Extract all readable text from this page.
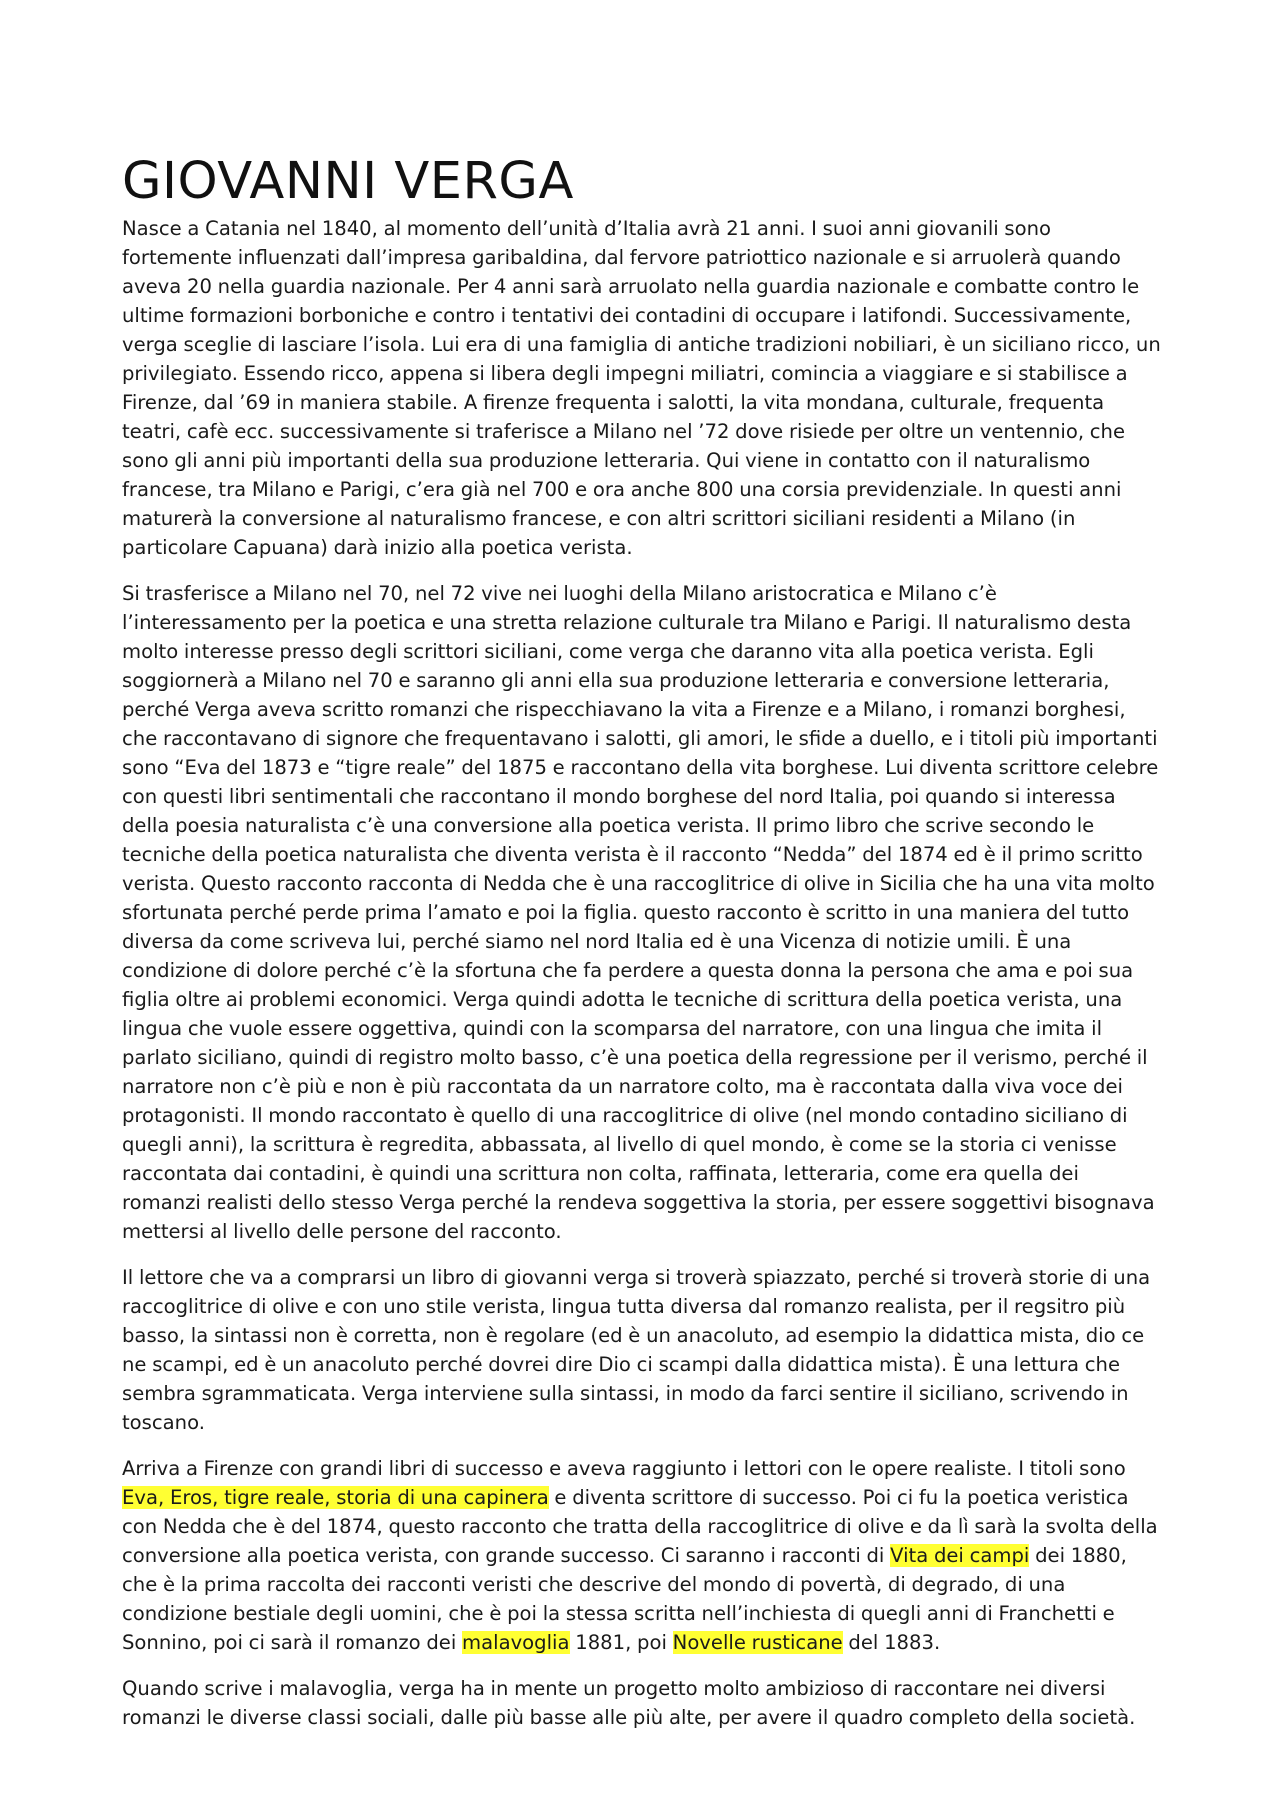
GIOVANNI VERGA

Nasce a Catania nel 1840, al momento dell’unità d’Italia avrà 21 anni. I suoi anni giovanili sono fortemente influenzati dall’impresa garibaldina, dal fervore patriottico nazionale e si arruolerà quando aveva 20 nella guardia nazionale. Per 4 anni sarà arruolato nella guardia nazionale e combatte contro le ultime formazioni borboniche e contro i tentativi dei contadini di occupare i latifondi. Successivamente, verga sceglie di lasciare l’isola. Lui era di una famiglia di antiche tradizioni nobiliari, è un siciliano ricco, un privilegiato. Essendo ricco, appena si libera degli impegni miliatri, comincia a viaggiare e si stabilisce a Firenze, dal ’69 in maniera stabile. A firenze frequenta i salotti, la vita mondana, culturale, frequenta teatri, cafè ecc. successivamente si traferisce a Milano nel ’72 dove risiede per oltre un ventennio, che sono gli anni più importanti della sua produzione letteraria. Qui viene in contatto con il naturalismo francese, tra Milano e Parigi, c’era già nel 700 e ora anche 800 una corsia previdenziale. In questi anni maturerà la conversione al naturalismo francese, e con altri scrittori siciliani residenti a Milano (in particolare Capuana) darà inizio alla poetica verista.

Si trasferisce a Milano nel 70, nel 72 vive nei luoghi della Milano aristocratica e Milano c’è l’interessamento per la poetica e una stretta relazione culturale tra Milano e Parigi. Il naturalismo desta molto interesse presso degli scrittori siciliani, come verga che daranno vita alla poetica verista. Egli soggiornerà a Milano nel 70 e saranno gli anni ella sua produzione letteraria e conversione letteraria, perché Verga aveva scritto romanzi che rispecchiavano la vita a Firenze e a Milano, i romanzi borghesi, che raccontavano di signore che frequentavano i salotti, gli amori, le sfide a duello, e i titoli più importanti sono “Eva del 1873 e “tigre reale” del 1875 e raccontano della vita borghese. Lui diventa scrittore celebre con questi libri sentimentali che raccontano il mondo borghese del nord Italia, poi quando si interessa della poesia naturalista c’è una conversione alla poetica verista. Il primo libro che scrive secondo le tecniche della poetica naturalista che diventa verista è il racconto “Nedda” del 1874 ed è il primo scritto verista. Questo racconto racconta di Nedda che è una raccoglitrice di olive in Sicilia che ha una vita molto sfortunata perché perde prima l’amato e poi la figlia. questo racconto è scritto in una maniera del tutto diversa da come scriveva lui, perché siamo nel nord Italia ed è una Vicenza di notizie umili. È una condizione di dolore perché c’è la sfortuna che fa perdere a questa donna la persona che ama e poi sua figlia oltre ai problemi economici. Verga quindi adotta le tecniche di scrittura della poetica verista, una lingua che vuole essere oggettiva, quindi con la scomparsa del narratore, con una lingua che imita il parlato siciliano, quindi di registro molto basso, c’è una poetica della regressione per il verismo, perché il narratore non c’è più e non è più raccontata da un narratore colto, ma è raccontata dalla viva voce dei protagonisti. Il mondo raccontato è quello di una raccoglitrice di olive (nel mondo contadino siciliano di quegli anni), la scrittura è regredita, abbassata, al livello di quel mondo, è come se la storia ci venisse raccontata dai contadini, è quindi una scrittura non colta, raffinata, letteraria, come era quella dei romanzi realisti dello stesso Verga perché la rendeva soggettiva la storia, per essere soggettivi bisognava mettersi al livello delle persone del racconto.

Il lettore che va a comprarsi un libro di giovanni verga si troverà spiazzato, perché si troverà storie di una raccoglitrice di olive e con uno stile verista, lingua tutta diversa dal romanzo realista, per il regsitro più basso, la sintassi non è corretta, non è regolare (ed è un anacoluto, ad esempio la didattica mista, dio ce ne scampi, ed è un anacoluto perché dovrei dire Dio ci scampi dalla didattica mista). È una lettura che sembra sgrammaticata. Verga interviene sulla sintassi, in modo da farci sentire il siciliano, scrivendo in toscano.

Arriva a Firenze con grandi libri di successo e aveva raggiunto i lettori con le opere realiste. I titoli sono Eva, Eros, tigre reale, storia di una capinera e diventa scrittore di successo. Poi ci fu la poetica veristica con Nedda che è del 1874, questo racconto che tratta della raccoglitrice di olive e da lì sarà la svolta della conversione alla poetica verista, con grande successo. Ci saranno i racconti di Vita dei campi dei 1880, che è la prima raccolta dei racconti veristi che descrive del mondo di povertà, di degrado, di una condizione bestiale degli uomini, che è poi la stessa scritta nell’inchiesta di quegli anni di Franchetti e Sonnino, poi ci sarà il romanzo dei malavoglia 1881, poi Novelle rusticane del 1883.

Quando scrive i malavoglia, verga ha in mente un progetto molto ambizioso di raccontare nei diversi romanzi le diverse classi sociali, dalle più basse alle più alte, per avere il quadro completo della società.
